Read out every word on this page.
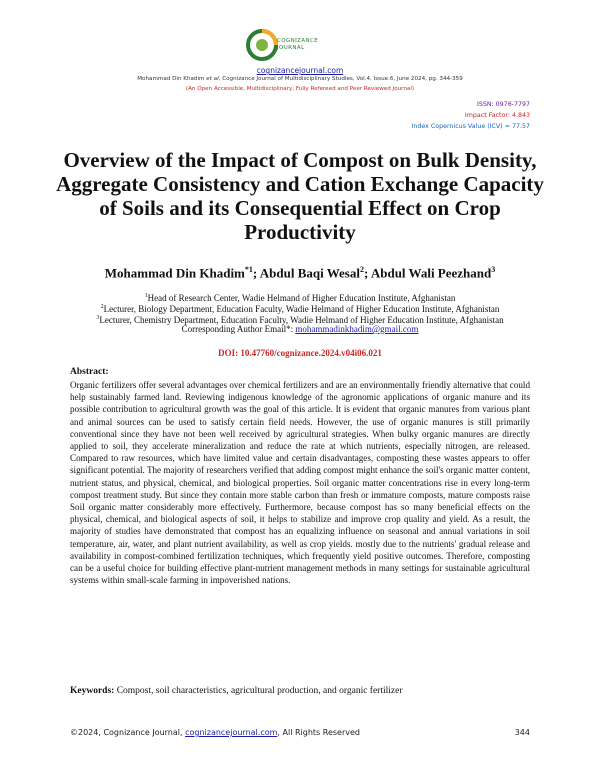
COGNIZANCE
JOURNAL
cognizancejournal.com
Mohammad Din Khadim et al, Cognizance Journal of Multidisciplinary Studies, Vol.4, Issue.6, June 2024, pg. 344-359
(An Open Accessible, Multidisciplinary, Fully Refereed and Peer Reviewed Journal)
ISSN: 0976-7797
Impact Factor: 4.843
Index Copernicus Value (ICV) = 77.57
Overview of the Impact of Compost on Bulk Density, Aggregate Consistency and Cation Exchange Capacity of Soils and its Consequential Effect on Crop Productivity
Mohammad Din Khadim$^{*1}$; Abdul Baqi Wesal$^2$; Abdul Wali Peezhand$^3$
$^1$Head of Research Center, Wadie Helmand of Higher Education Institute, Afghanistan
$^2$Lecturer, Biology Department, Education Faculty, Wadie Helmand of Higher Education Institute, Afghanistan
$^3$Lecturer, Chemistry Department, Education Faculty, Wadie Helmand of Higher Education Institute, Afghanistan
Corresponding Author Email*: mohammadinkhadim@gmail.com
DOI: 10.47760/cognizance.2024.v04i06.021
Abstract:

Organic fertilizers offer several advantages over chemical fertilizers and are an environmentally friendly alternative that could help sustainably farmed land. Reviewing indigenous knowledge of the agronomic applications of organic manure and its possible contribution to agricultural growth was the goal of this article. It is evident that organic manures from various plant and animal sources can be used to satisfy certain field needs. However, the use of organic manures is still primarily conventional since they have not been well received by agricultural strategies. When bulky organic manures are directly applied to soil, they accelerate mineralization and reduce the rate at which nutrients, especially nitrogen, are released. Compared to raw resources, which have limited value and certain disadvantages, composting these wastes appears to offer significant potential. The majority of researchers verified that adding compost might enhance the soil's organic matter content, nutrient status, and physical, chemical, and biological properties. Soil organic matter concentrations rise in every long-term compost treatment study. But since they contain more stable carbon than fresh or immature composts, mature composts raise Soil organic matter considerably more effectively. Furthermore, because compost has so many beneficial effects on the physical, chemical, and biological aspects of soil, it helps to stabilize and improve crop quality and yield. As a result, the majority of studies have demonstrated that compost has an equalizing influence on seasonal and annual variations in soil temperature, air, water, and plant nutrient availability, as well as crop yields. mostly due to the nutrients' gradual release and availability in compost-combined fertilization techniques, which frequently yield positive outcomes. Therefore, composting can be a useful choice for building effective plant-nutrient management methods in many settings for sustainable agricultural systems within small-scale farming in impoverished nations.

Keywords: Compost, soil characteristics, agricultural production, and organic fertilizer
©2024, Cognizance Journal, cognizancejournal.com, All Rights Reserved	344
